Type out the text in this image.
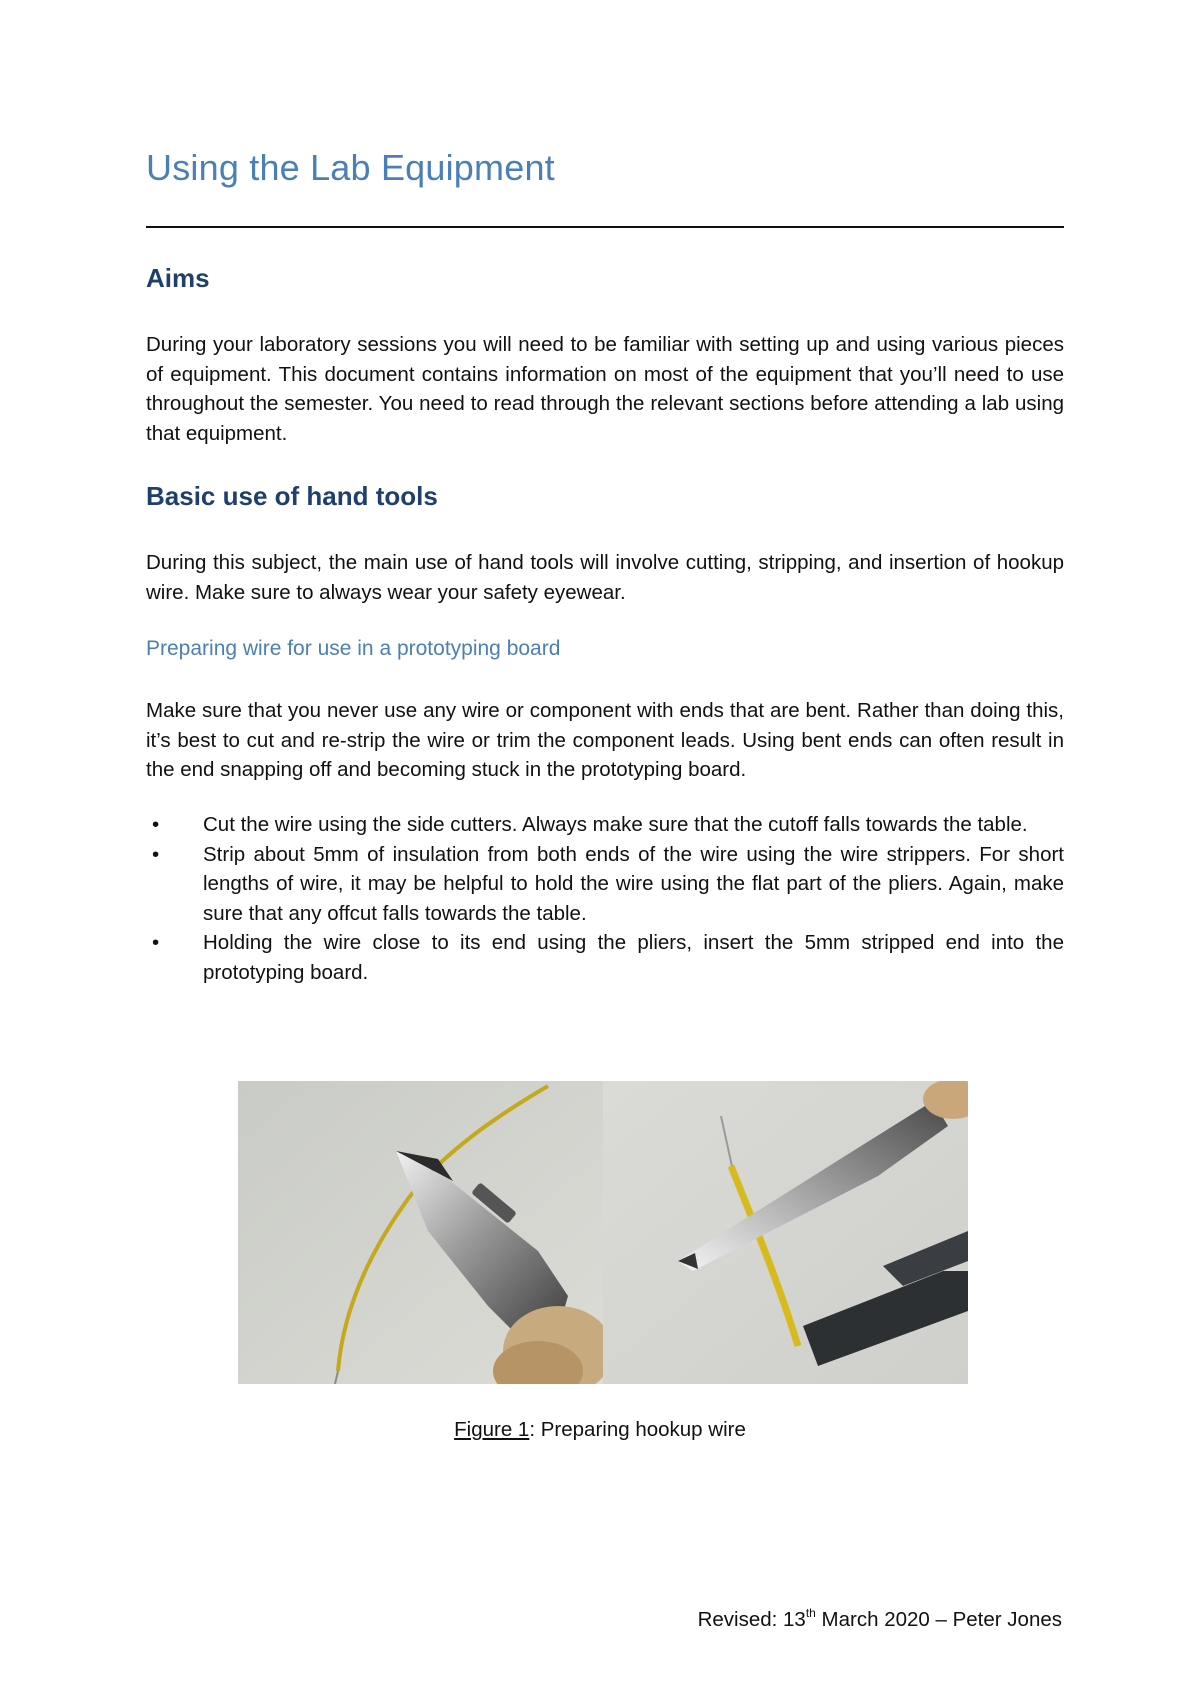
Using the Lab Equipment
Aims

During your laboratory sessions you will need to be familiar with setting up and using various pieces of equipment. This document contains information on most of the equipment that you’ll need to use throughout the semester. You need to read through the relevant sections before attending a lab using that equipment.

Basic use of hand tools

During this subject, the main use of hand tools will involve cutting, stripping, and insertion of hookup wire. Make sure to always wear your safety eyewear.

Preparing wire for use in a prototyping board

Make sure that you never use any wire or component with ends that are bent. Rather than doing this, it’s best to cut and re-strip the wire or trim the component leads. Using bent ends can often result in the end snapping off and becoming stuck in the prototyping board.

• Cut the wire using the side cutters. Always make sure that the cutoff falls towards the table.
• Strip about 5mm of insulation from both ends of the wire using the wire strippers. For short lengths of wire, it may be helpful to hold the wire using the flat part of the pliers. Again, make sure that any offcut falls towards the table.
• Holding the wire close to its end using the pliers, insert the 5mm stripped end into the prototyping board.

Figure 1: Preparing hookup wire

Revised: 13th March 2020 – Peter Jones
